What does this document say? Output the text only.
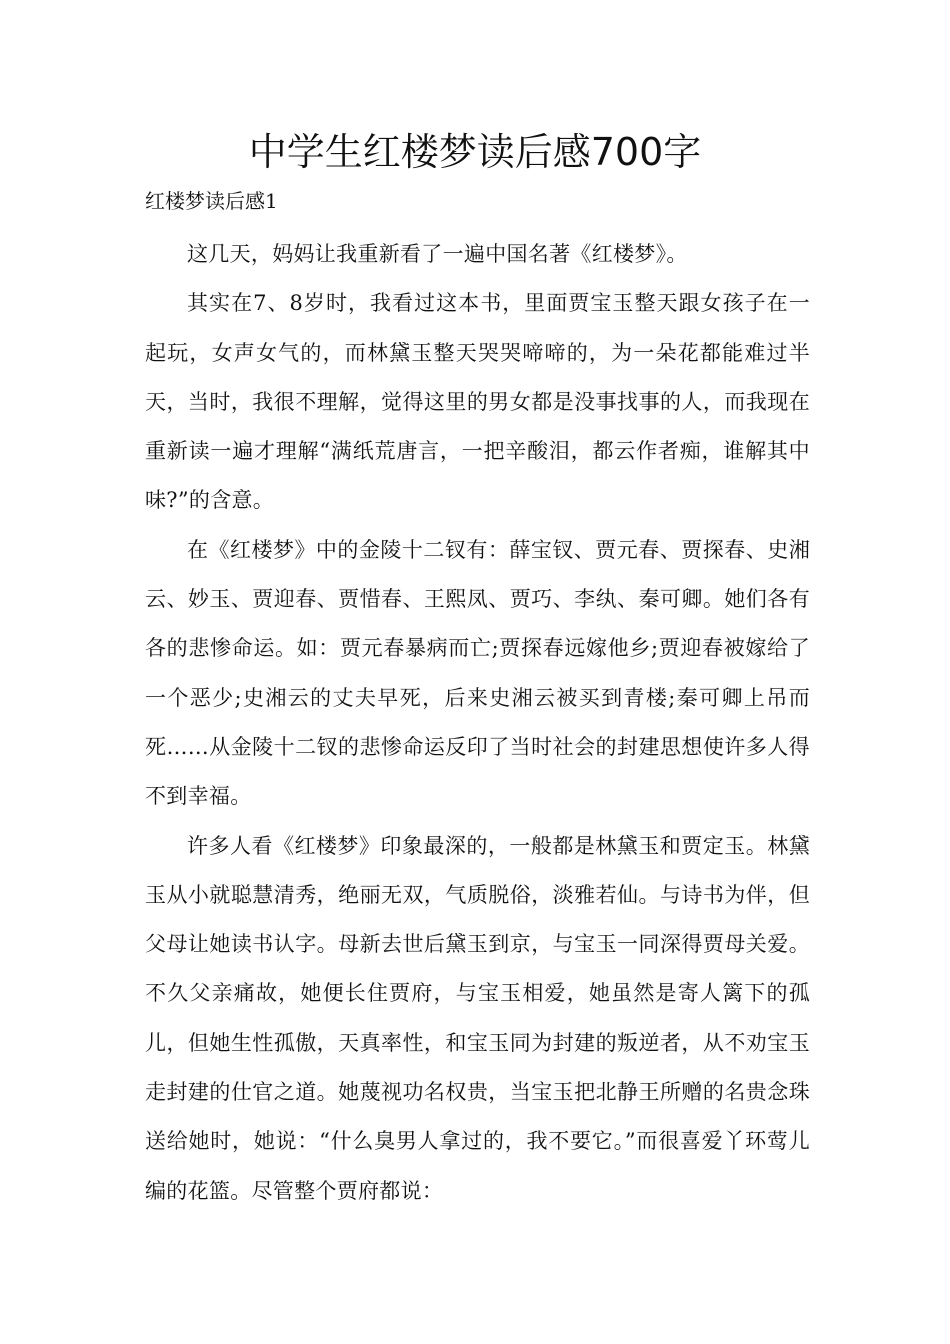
中学生红楼梦读后感700字
红楼梦读后感1

这几天，妈妈让我重新看了一遍中国名著《红楼梦》。

其实在7、8岁时，我看过这本书，里面贾宝玉整天跟女孩子在一起玩，女声女气的，而林黛玉整天哭哭啼啼的，为一朵花都能难过半天，当时，我很不理解，觉得这里的男女都是没事找事的人，而我现在重新读一遍才理解“满纸荒唐言，一把辛酸泪，都云作者痴，谁解其中味?”的含意。

在《红楼梦》中的金陵十二钗有：薛宝钗、贾元春、贾探春、史湘云、妙玉、贾迎春、贾惜春、王熙凤、贾巧、李纨、秦可卿。她们各有各的悲惨命运。如：贾元春暴病而亡;贾探春远嫁他乡;贾迎春被嫁给了一个恶少;史湘云的丈夫早死，后来史湘云被买到青楼;秦可卿上吊而死……从金陵十二钗的悲惨命运反印了当时社会的封建思想使许多人得不到幸福。

许多人看《红楼梦》印象最深的，一般都是林黛玉和贾定玉。林黛玉从小就聪慧清秀，绝丽无双，气质脱俗，淡雅若仙。与诗书为伴，但父母让她读书认字。母新去世后黛玉到京，与宝玉一同深得贾母关爱。不久父亲痛故，她便长住贾府，与宝玉相爱，她虽然是寄人篱下的孤儿，但她生性孤傲，天真率性，和宝玉同为封建的叛逆者，从不劝宝玉走封建的仕官之道。她蔑视功名权贵，当宝玉把北静王所赠的名贵念珠送给她时，她说：“什么臭男人拿过的，我不要它。”而很喜爱丫环莺儿编的花篮。尽管整个贾府都说：
